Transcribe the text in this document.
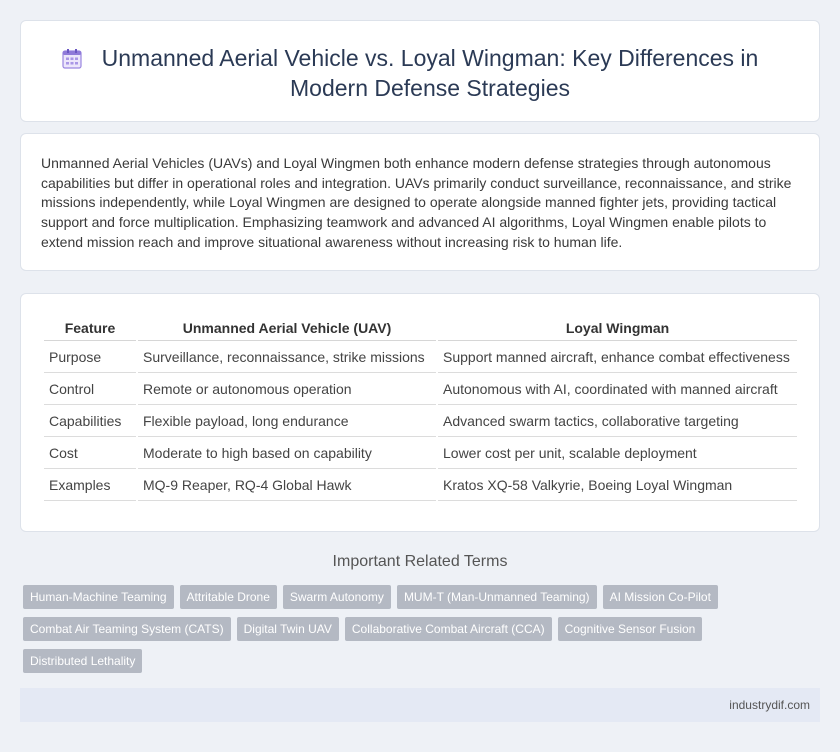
Unmanned Aerial Vehicle vs. Loyal Wingman: Key Differences in Modern Defense Strategies

Unmanned Aerial Vehicles (UAVs) and Loyal Wingmen both enhance modern defense strategies through autonomous capabilities but differ in operational roles and integration. UAVs primarily conduct surveillance, reconnaissance, and strike missions independently, while Loyal Wingmen are designed to operate alongside manned fighter jets, providing tactical support and force multiplication. Emphasizing teamwork and advanced AI algorithms, Loyal Wingmen enable pilots to extend mission reach and improve situational awareness without increasing risk to human life.

Feature	Unmanned Aerial Vehicle (UAV)	Loyal Wingman
Purpose	Surveillance, reconnaissance, strike missions	Support manned aircraft, enhance combat effectiveness
Control	Remote or autonomous operation	Autonomous with AI, coordinated with manned aircraft
Capabilities	Flexible payload, long endurance	Advanced swarm tactics, collaborative targeting
Cost	Moderate to high based on capability	Lower cost per unit, scalable deployment
Examples	MQ-9 Reaper, RQ-4 Global Hawk	Kratos XQ-58 Valkyrie, Boeing Loyal Wingman
Important Related Terms
Human-Machine Teaming Attritable Drone Swarm Autonomy MUM-T (Man-Unmanned Teaming) AI Mission Co-Pilot
Combat Air Teaming System (CATS) Digital Twin UAV Collaborative Combat Aircraft (CCA) Cognitive Sensor Fusion
Distributed Lethality
industrydif.com
